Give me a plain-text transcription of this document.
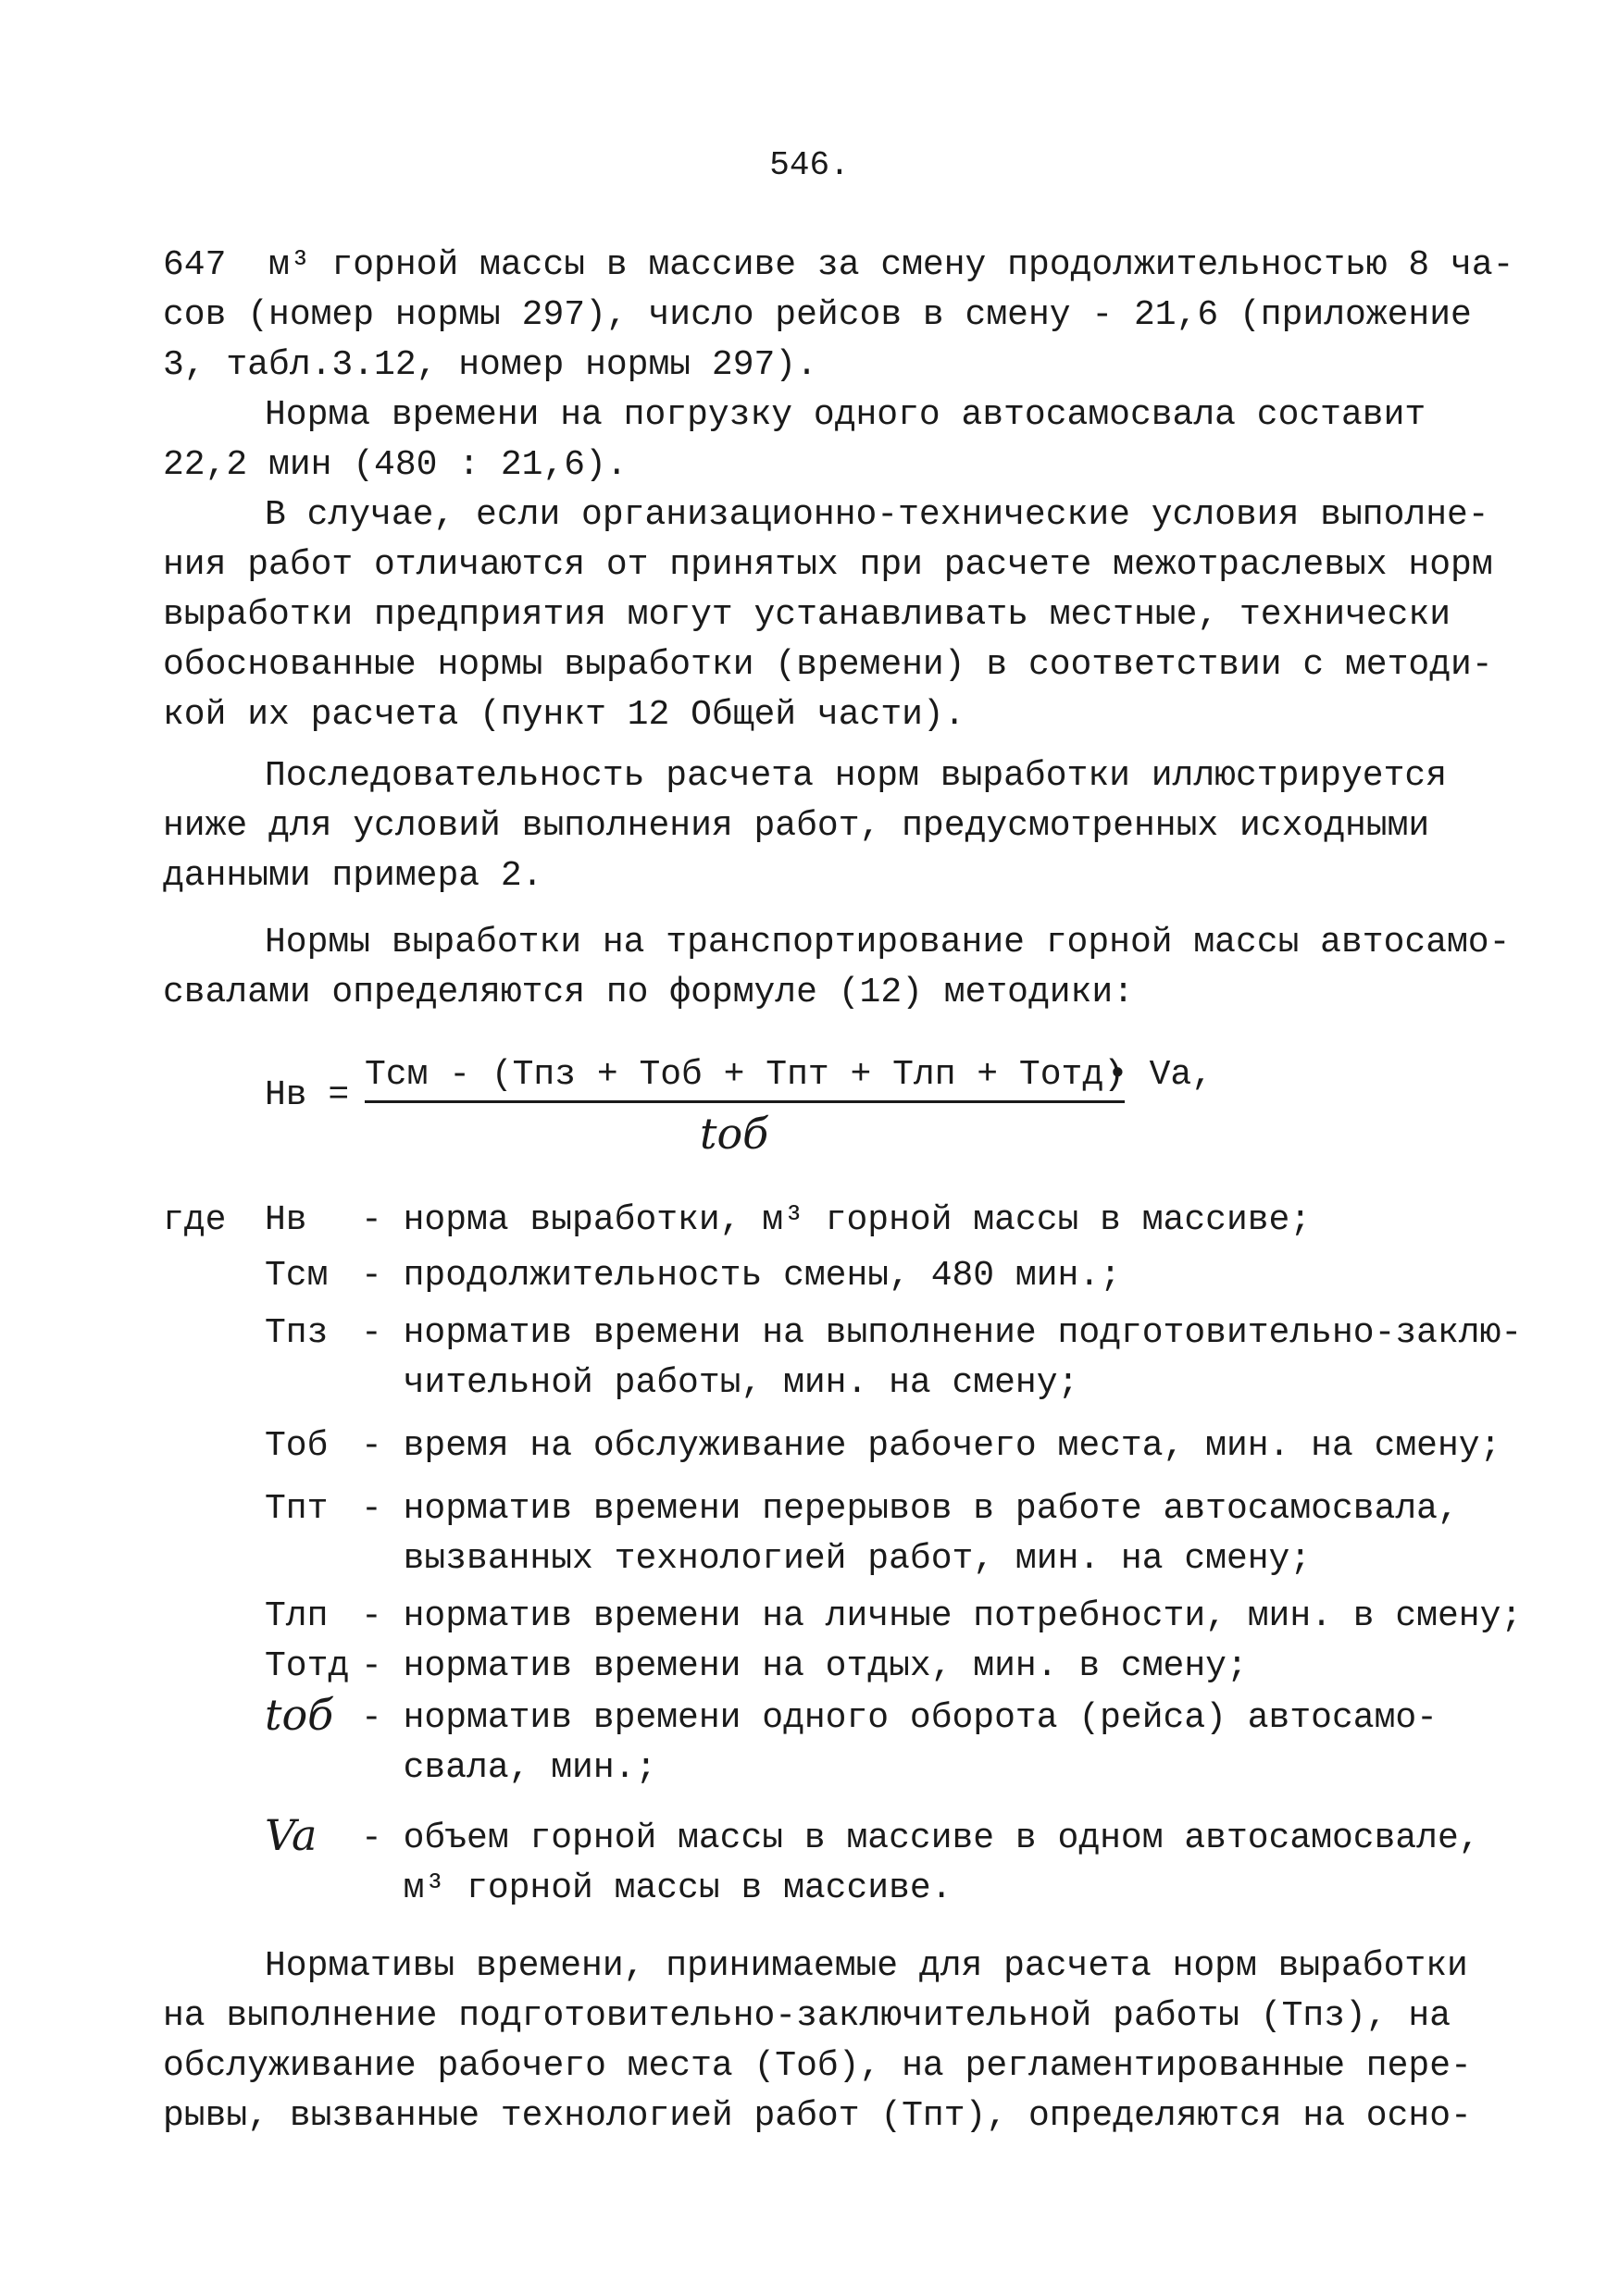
546.
647  м³ горной массы в массиве за смену продолжительностью 8 ча-
сов (номер нормы 297), число рейсов в смену - 21,6 (приложение
3, табл.3.12, номер нормы 297).
Норма времени на погрузку одного автосамосвала составит
22,2 мин (480 : 21,6).
В случае, если организационно-технические условия выполне-
ния работ отличаются от принятых при расчете межотраслевых норм
выработки предприятия могут устанавливать местные, технически
обоснованные нормы выработки (времени) в соответствии с методи-
кой их расчета (пункт 12 Общей части).
Последовательность расчета норм выработки иллюстрируется
ниже для условий выполнения работ, предусмотренных исходными
данными примера 2.
Нормы выработки на транспортирование горной массы автосамо-
свалами определяются по формуле (12) методики:
Нв =
Тсм - (Тпз + Тоб + Тпт + Тлп + Тотд)
tоб
• Va,
где Нв - норма выработки, м³ горной массы в массиве;
Тсм - продолжительность смены, 480 мин.;
Тпз - норматив времени на выполнение подготовительно-заклю-
чительной работы, мин. на смену;
Тоб - время на обслуживание рабочего места, мин. на смену;
Тпт - норматив времени перерывов в работе автосамосвала,
вызванных технологией работ, мин. на смену;
Тлп - норматив времени на личные потребности, мин. в смену;
Тотд - норматив времени на отдых, мин. в смену;
tоб - норматив времени одного оборота (рейса) автосамо-
свала, мин.;
Va - объем горной массы в массиве в одном автосамосвале,
м³ горной массы в массиве.
Нормативы времени, принимаемые для расчета норм выработки
на выполнение подготовительно-заключительной работы (Тпз), на
обслуживание рабочего места (Тоб), на регламентированные пере-
рывы, вызванные технологией работ (Тпт), определяются на осно-
